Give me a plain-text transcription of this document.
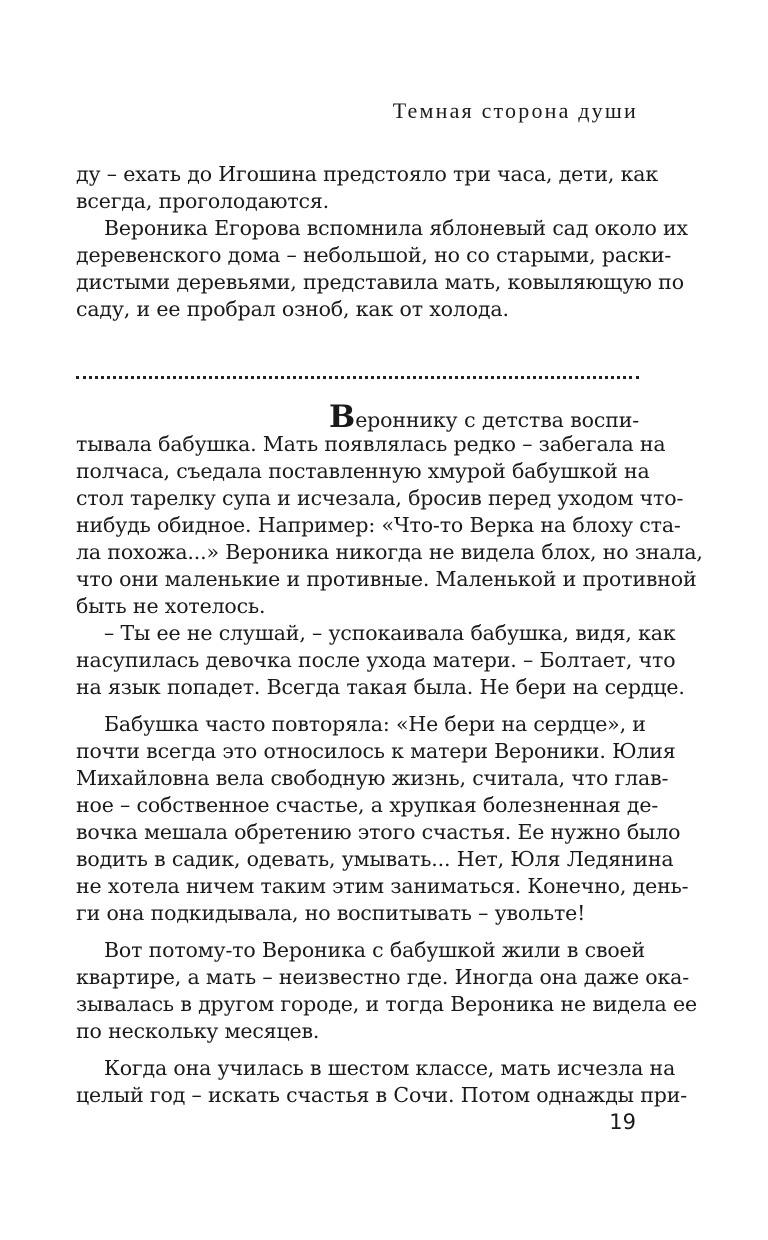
Темная сторона души
ду – ехать до Игошина предстояло три часа, дети, как
всегда, проголодаются.
Вероника Егорова вспомнила яблоневый сад около их
деревенского дома – небольшой, но со старыми, раски-
дистыми деревьями, представила мать, ковыляющую по
саду, и ее пробрал озноб, как от холода.
Вероннику с детства воспи-
тывала бабушка. Мать появлялась редко – забегала на
полчаса, съедала поставленную хмурой бабушкой на
стол тарелку супа и исчезала, бросив перед уходом что-
нибудь обидное. Например: «Что-то Верка на блоху ста-
ла похожа...» Вероника никогда не видела блох, но знала,
что они маленькие и противные. Маленькой и противной
быть не хотелось.
– Ты ее не слушай, – успокаивала бабушка, видя, как
насупилась девочка после ухода матери. – Болтает, что
на язык попадет. Всегда такая была. Не бери на сердце.
Бабушка часто повторяла: «Не бери на сердце», и
почти всегда это относилось к матери Вероники. Юлия
Михайловна вела свободную жизнь, считала, что глав-
ное – собственное счастье, а хрупкая болезненная де-
вочка мешала обретению этого счастья. Ее нужно было
водить в садик, одевать, умывать... Нет, Юля Ледянина
не хотела ничем таким этим заниматься. Конечно, день-
ги она подкидывала, но воспитывать – увольте!
Вот потому-то Вероника с бабушкой жили в своей
квартире, а мать – неизвестно где. Иногда она даже ока-
зывалась в другом городе, и тогда Вероника не видела ее
по нескольку месяцев.
Когда она училась в шестом классе, мать исчезла на
целый год – искать счастья в Сочи. Потом однажды при-
19
